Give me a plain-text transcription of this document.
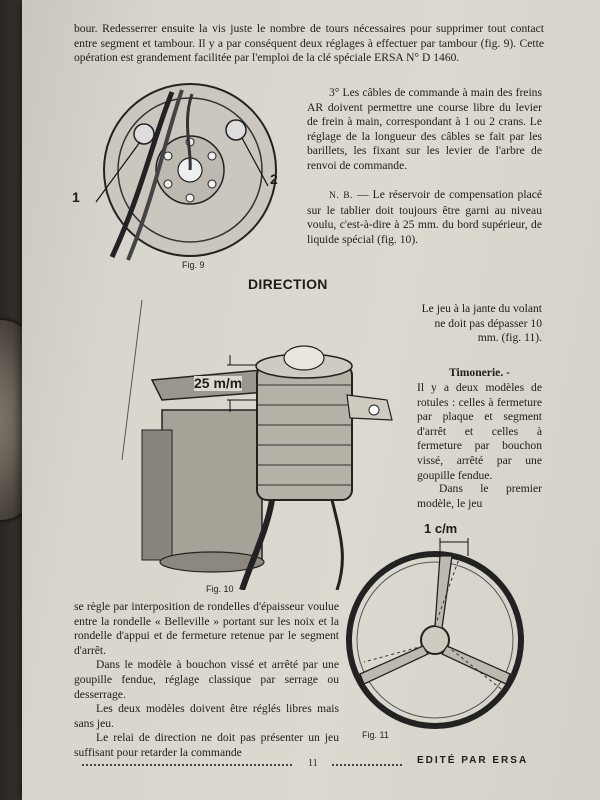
bour. Redesserrer ensuite la vis juste le nombre de tours nécessaires pour supprimer tout contact entre segment et tambour. Il y a par conséquent deux réglages à effectuer par tambour (fig. 9). Cette opération est grandement facilitée par l'emploi de la clé spéciale ERSA N° D 1460.

1
2
Fig. 9

3° Les câbles de commande à main des freins AR doivent permettre une course libre du levier de frein à main, correspondant à 1 ou 2 crans. Le réglage de la longueur des câbles se fait par les barillets, les fixant sur les levier de l'arbre de renvoi de commande.

N. B. — Le réservoir de compensation placé sur le tablier doit toujours être garni au niveau voulu, c'est-à-dire à 25 mm. du bord supérieur, de liquide spécial (fig. 10).

DIRECTION
25 m/m
Fig. 10

Le jeu à la jante du volant ne doit pas dépasser 10 mm. (fig. 11).

Timonerie. -

Il y a deux modèles de rotules : celles à fermeture par plaque et segment d'arrêt et celles à fermeture par bouchon vissé, arrêté par une goupille fendue.

Dans le premier modèle, le jeu

1 c/m
Fig. 11

se règle par interposition de rondelles d'épaisseur voulue entre la rondelle « Belleville » portant sur les noix et la rondelle d'appui et de fermeture retenue par le segment d'arrêt.

Dans le modèle à bouchon vissé et arrêté par une goupille fendue, réglage classique par serrage ou desserrage.

Les deux modèles doivent être réglés libres mais sans jeu.

Le relai de direction ne doit pas présenter un jeu suffisant pour retarder la commande

11	EDITÉ PAR ERSA
